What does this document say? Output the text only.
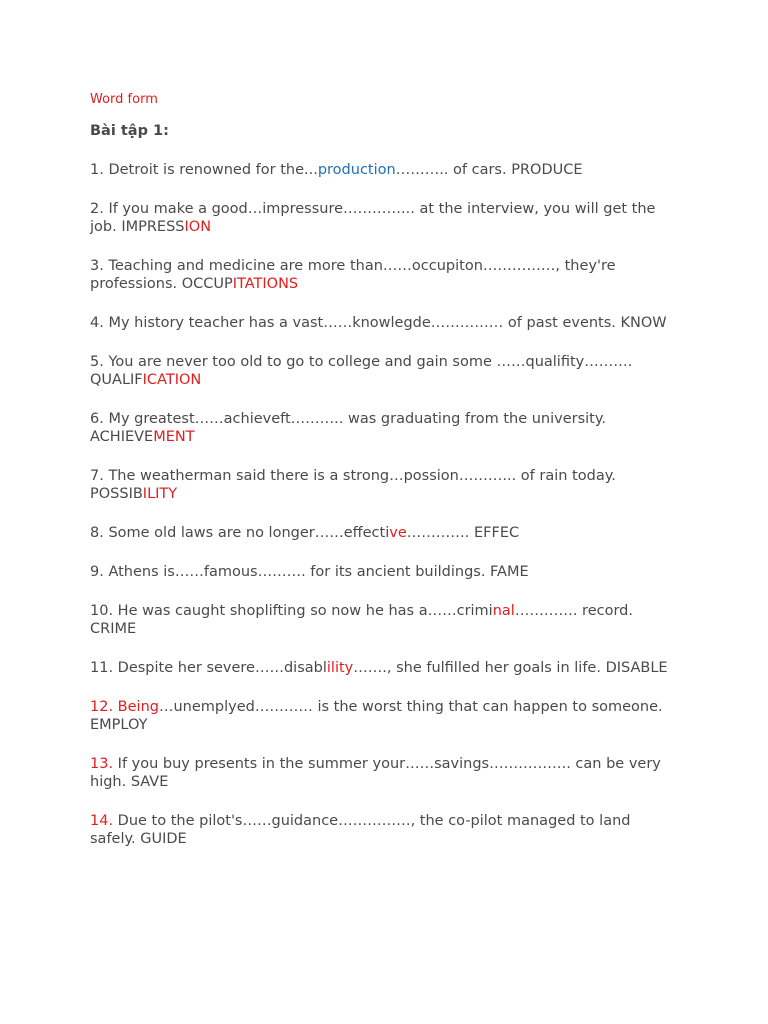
Word form
Bài tập 1:
1. Detroit is renowned for the...production……….. of cars. PRODUCE
2. If you make a good…impressure…………... at the interview, you will get the job. IMPRESSION
3. Teaching and medicine are more than……occupiton……………, they're professions. OCCUPITATIONS
4. My history teacher has a vast……knowlegde…………… of past events. KNOW
5. You are never too old to go to college and gain some ……qualifity………. QUALIFICATION
6. My greatest……achieveft……….. was graduating from the university. ACHIEVEMENT
7. The weatherman said there is a strong…possion………... of rain today. POSSIBILITY
8. Some old laws are no longer……effective…………. EFFEC
9. Athens is……famous………. for its ancient buildings. FAME
10. He was caught shoplifting so now he has a……criminal…………. record. CRIME
11. Despite her severe……disablility……., she fulfilled her goals in life. DISABLE
12. Being…unemplyed………… is the worst thing that can happen to someone. EMPLOY
13. If you buy presents in the summer your……savings…………….. can be very high. SAVE
14. Due to the pilot's……guidance……………, the co-pilot managed to land safely. GUIDE
